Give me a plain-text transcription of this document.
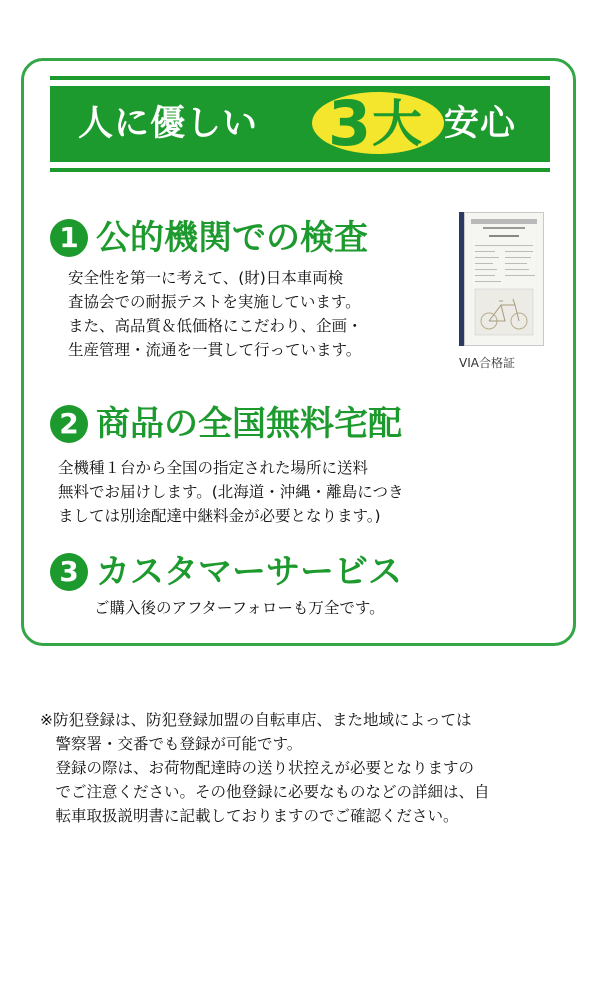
人に優しい 3 大 安心
1 公的機関での検査
安全性を第一に考えて、(財)日本車両検
査協会での耐振テストを実施しています。
また、高品質＆低価格にこだわり、企画・
生産管理・流通を一貫して行っています。
VIA合格証
2 商品の全国無料宅配
全機種１台から全国の指定された場所に送料
無料でお届けします。(北海道・沖縄・離島につき
ましては別途配達中継料金が必要となります。)
3 カスタマーサービス
ご購入後のアフターフォローも万全です。
※防犯登録は、防犯登録加盟の自転車店、また地域によっては
　警察署・交番でも登録が可能です。
　登録の際は、お荷物配達時の送り状控えが必要となりますの
　でご注意ください。その他登録に必要なものなどの詳細は、自
　転車取扱説明書に記載しておりますのでご確認ください。
